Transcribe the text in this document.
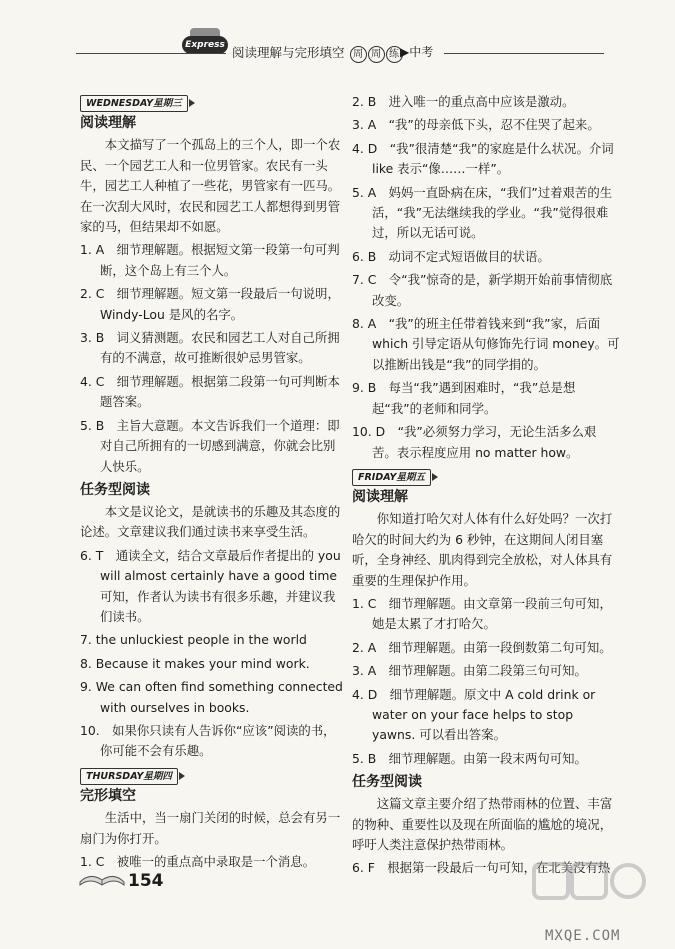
Express 阅读理解与完形填空 周 周 练 ▶中考
WEDNESDAY星期三
阅读理解

本文描写了一个孤岛上的三个人，即一个农民、一个园艺工人和一位男管家。农民有一头牛，园艺工人种植了一些花，男管家有一匹马。在一次刮大风时，农民和园艺工人都想得到男管家的马，但结果却不如愿。

1. A　细节理解题。根据短文第一段第一句可判断，这个岛上有三个人。

2. C　细节理解题。短文第一段最后一句说明，Windy-Lou 是风的名字。

3. B　词义猜测题。农民和园艺工人对自己所拥有的不满意，故可推断很妒忌男管家。

4. C　细节理解题。根据第二段第一句可判断本题答案。

5. B　主旨大意题。本文告诉我们一个道理：即对自己所拥有的一切感到满意，你就会比别人快乐。

任务型阅读

本文是议论文，是就读书的乐趣及其态度的论述。文章建议我们通过读书来享受生活。

6. T　通读全文，结合文章最后作者提出的 you will almost certainly have a good time 可知，作者认为读书有很多乐趣，并建议我们读书。

7. the unluckiest people in the world

8. Because it makes your mind work.

9. We can often find something connected with ourselves in books.

10.　如果你只读有人告诉你“应该”阅读的书，你可能不会有乐趣。

THURSDAY星期四
完形填空

生活中，当一扇门关闭的时候，总会有另一扇门为你打开。

1. C　被唯一的重点高中录取是一个消息。

2. B　进入唯一的重点高中应该是激动。

3. A　“我”的母亲低下头，忍不住哭了起来。

4. D　“我”很清楚“我”的家庭是什么状况。介词 like 表示“像……一样”。

5. A　妈妈一直卧病在床，“我们”过着艰苦的生活，“我”无法继续我的学业。“我”觉得很难过，所以无话可说。

6. B　动词不定式短语做目的状语。

7. C　令“我”惊奇的是，新学期开始前事情彻底改变。

8. A　“我”的班主任带着钱来到“我”家，后面 which 引导定语从句修饰先行词 money。可以推断出钱是“我”的同学捐的。

9. B　每当“我”遇到困难时，“我”总是想起“我”的老师和同学。

10. D　“我”必须努力学习，无论生活多么艰苦。表示程度应用 no matter how。

FRIDAY星期五
阅读理解

你知道打哈欠对人体有什么好处吗？一次打哈欠的时间大约为 6 秒钟，在这期间人闭目塞听，全身神经、肌肉得到完全放松，对人体具有重要的生理保护作用。

1. C　细节理解题。由文章第一段前三句可知，她是太累了才打哈欠。

2. A　细节理解题。由第一段倒数第二句可知。

3. A　细节理解题。由第二段第三句可知。

4. D　细节理解题。原文中 A cold drink or water on your face helps to stop yawns. 可以看出答案。

5. B　细节理解题。由第一段末两句可知。

任务型阅读

这篇文章主要介绍了热带雨林的位置、丰富的物种、重要性以及现在所面临的尴尬的境况，呼吁人类注意保护热带雨林。

6. F　根据第一段最后一句可知，在北美没有热

154
MXQE.COM
